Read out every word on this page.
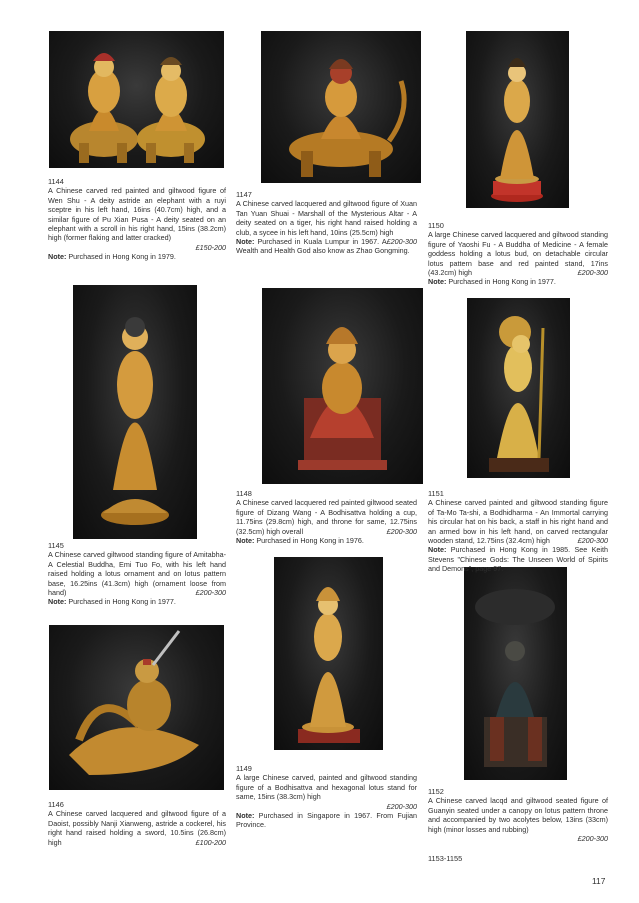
1144
A Chinese carved red painted and giltwood figure of Wen Shu - A deity astride an elephant with a ruyi sceptre in his left hand, 16ins (40.7cm) high, and a similar figure of Pu Xian Pusa - A deity seated on an elephant with a scroll in his right hand, 15ins (38.2cm) high (former flaking and latter cracked)
£150-200
Note: Purchased in Hong Kong in 1979.
1147
A Chinese carved lacquered and giltwood figure of Xuan Tan Yuan Shuai - Marshall of the Mysterious Altar - A deity seated on a tiger, his right hand raised holding a club, a sycee in his left hand, 10ins (25.5cm) high
£200-300
Note: Purchased in Kuala Lumpur in 1967. A Wealth and Health God also know as Zhao Gongming.
1150
A large Chinese carved lacquered and giltwood standing figure of Yaoshi Fu - A Buddha of Medicine - A female goddess holding a lotus bud, on detachable circular lotus pattern base and red painted stand, 17ins (43.2cm) high	£200-300
Note: Purchased in Hong Kong in 1977.
1148
A Chinese carved lacquered red painted giltwood seated figure of Dizang Wang - A Bodhisattva holding a cup, 11.75ins (29.8cm) high, and throne for same, 12.75ins (32.5cm) high overall	£200-300
Note: Purchased in Hong Kong in 1976.
1151
A Chinese carved painted and giltwood standing figure of Ta-Mo Ta-shi, a Bodhidharma - An Immortal carrying his circular hat on his back, a staff in his right hand and an armed bow in his left hand, on carved rectangular wooden stand, 12.75ins (32.4cm) high	£200-300
Note: Purchased in Hong Kong in 1985. See Keith Stevens "Chinese Gods: The Unseen World of Spirits and Demons", page 97.
1145
A Chinese carved giltwood standing figure of Amitabha- A Celestial Buddha, Emi Tuo Fo, with his left hand raised holding a lotus ornament and on lotus pattern base, 16.25ins (41.3cm) high (ornament loose from hand)	£200-300
Note: Purchased in Hong Kong in 1977.
1149
A large Chinese carved, painted and giltwood standing figure of a Bodhisattva and hexagonal lotus stand for same, 15ins (38.3cm) high
£200-300
Note: Purchased in Singapore in 1967. From Fujian Province.
1152
A Chinese carved lacqd and giltwood seated figure of Guanyin seated under a canopy on lotus pattern throne and accompanied by two acolytes below, 13ins (33cm) high (minor losses and rubbing)
£200-300
1146
A Chinese carved lacquered and giltwood figure of a Daoist, possibly Nanji Xianweng, astride a cockerel, his right hand raised holding a sword, 10.5ins (26.8cm) high	£100-200
1153-1155
117
